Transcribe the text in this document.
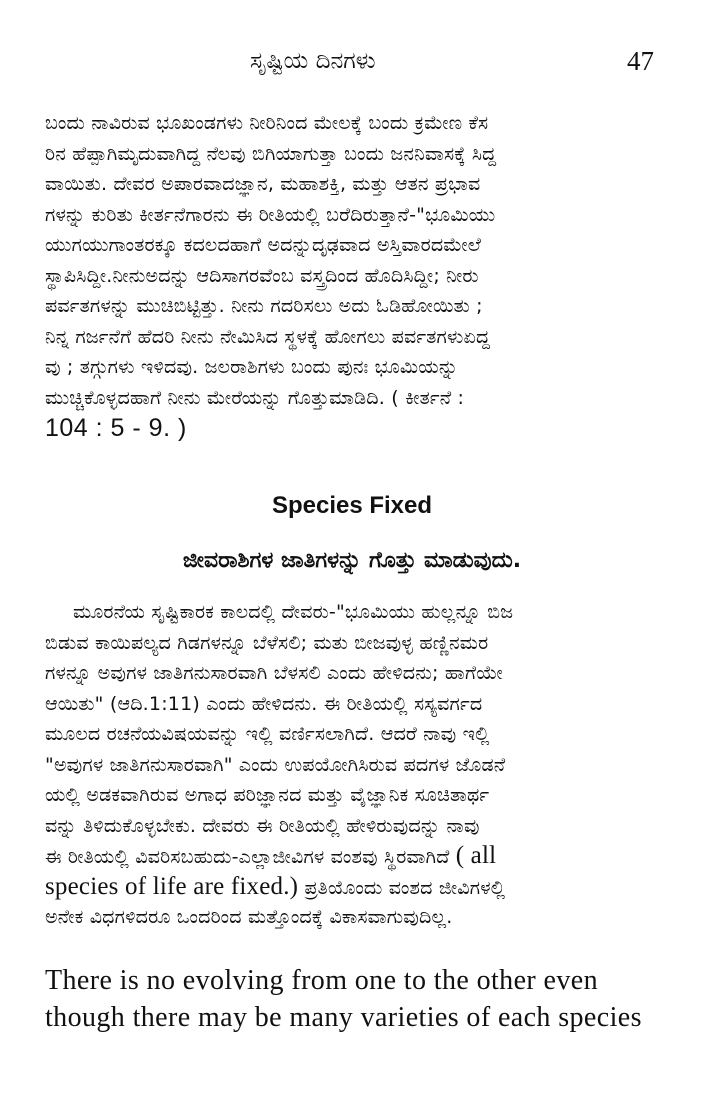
ಸೃಷ್ಟಿಯ ದಿನಗಳು	47
ಬಂದು ನಾವಿರುವ ಭೂಖಂಡಗಳು ನೀರಿನಿಂದ ಮೇಲಕ್ಕೆ ಬಂದು ಕ್ರಮೇಣ ಕೆಸ
ರಿನ ಹೆಪ್ಪಾಗಿಮೃದುವಾಗಿದ್ದ ನೆಲವು ಬಿಗಿಯಾಗುತ್ತಾ ಬಂದು ಜನನಿವಾಸಕ್ಕೆ ಸಿದ್ದ
ವಾಯಿತು. ದೇವರ ಅಪಾರವಾದಜ್ಞಾನ, ಮಹಾಶಕ್ತಿ, ಮತ್ತು ಆತನ ಪ್ರಭಾವ
ಗಳನ್ನು ಕುರಿತು ಕೀರ್ತನೆಗಾರನು ಈ ರೀತಿಯಲ್ಲಿ ಬರೆದಿರುತ್ತಾನೆ-"ಭೂಮಿಯು
ಯುಗಯುಗಾಂತರಕ್ಕೂ ಕದಲದಹಾಗೆ ಅದನ್ನುದೃಢವಾದ ಅಸ್ತಿವಾರದಮೇಲೆ
ಸ್ಥಾಪಿಸಿದ್ದೀ.ನೀನುಅದನ್ನು ಆದಿಸಾಗರವೆಂಬ ವಸ್ತ್ರದಿಂದ ಹೊದಿಸಿದ್ದೀ; ನೀರು
ಪರ್ವತಗಳನ್ನು ಮುಚಿಬಿಟ್ಟಿತ್ತು. ನೀನು ಗದರಿಸಲು ಅದು ಓಡಿಹೋಯಿತು ;
ನಿನ್ನ ಗರ್ಜನೆಗೆ ಹೆದರಿ ನೀನು ನೇಮಿಸಿದ ಸ್ಥಳಕ್ಕೆ ಹೋಗಲು ಪರ್ವತಗಳುಏದ್ದ
ವು ; ತಗ್ಗುಗಳು ಇಳಿದವು. ಜಲರಾಶಿಗಳು ಬಂದು ಪುನಃ ಭೂಮಿಯನ್ನು
ಮುಚ್ಚಿಕೊಳ್ಳದಹಾಗೆ ನೀನು ಮೇರೆಯನ್ನು ಗೊತ್ತುಮಾಡಿದಿ. ( ಕೀರ್ತನೆ :
104 : 5 - 9. )
Species Fixed
ಜೀವರಾಶಿಗಳ ಜಾತಿಗಳನ್ನು ಗೊತ್ತು ಮಾಡುವುದು.
ಮೂರನೆಯ ಸೃಷ್ಟಿಕಾರಕ ಕಾಲದಲ್ಲಿ ದೇವರು-"ಭೂಮಿಯು ಹುಲ್ಲನ್ನೂ ಬಿಜ
ಬಿಡುವ ಕಾಯಿಪಲ್ಯದ ಗಿಡಗಳನ್ನೂ ಬೆಳೆಸಲಿ; ಮತು ಬೀಜವುಳ್ಳ ಹಣ್ಣಿನಮರ
ಗಳನ್ನೂ ಅವುಗಳ ಜಾತಿಗನುಸಾರವಾಗಿ ಬೆಳಸಲಿ ಎಂದು ಹೇಳಿದನು; ಹಾಗೆಯೇ
ಆಯಿತು" (ಆದಿ.1:11) ಎಂದು ಹೇಳಿದನು. ಈ ರೀತಿಯಲ್ಲಿ ಸಸ್ಯವರ್ಗದ
ಮೂಲದ ರಚನೆಯವಿಷಯವನ್ನು ಇಲ್ಲಿ ವರ್ಣಿಸಲಾಗಿದೆ. ಆದರೆ ನಾವು ಇಲ್ಲಿ
"ಅವುಗಳ ಜಾತಿಗನುಸಾರವಾಗಿ" ಎಂದು ಉಪಯೋಗಿಸಿರುವ ಪದಗಳ ಜೊಡನೆ
ಯಲ್ಲಿ ಅಡಕವಾಗಿರುವ ಅಗಾಧ ಪರಿಜ್ಞಾನದ ಮತ್ತು ವೈಜ್ಞಾನಿಕ ಸೂಚಿತಾರ್ಥ
ವನ್ನು ತಿಳಿದುಕೊಳ್ಳಬೇಕು. ದೇವರು ಈ ರೀತಿಯಲ್ಲಿ ಹೇಳಿರುವುದನ್ನು ನಾವು
ಈ ರೀತಿಯಲ್ಲಿ ವಿವರಿಸಬಹುದು-ಎಲ್ಲಾಜೀವಿಗಳ ವಂಶವು ಸ್ಥಿರವಾಗಿದೆ ( all
species of life are fixed.) ಪ್ರತಿಯೊಂದು ವಂಶದ ಜೀವಿಗಳಲ್ಲಿ
ಅನೇಕ ವಿಧಗಳಿದರೂ ಒಂದರಿಂದ ಮತ್ತೊಂದಕ್ಕೆ ವಿಕಾಸವಾಗುವುದಿಲ್ಲ.
There is no evolving from one to the other even
though there may be many varieties of each species
